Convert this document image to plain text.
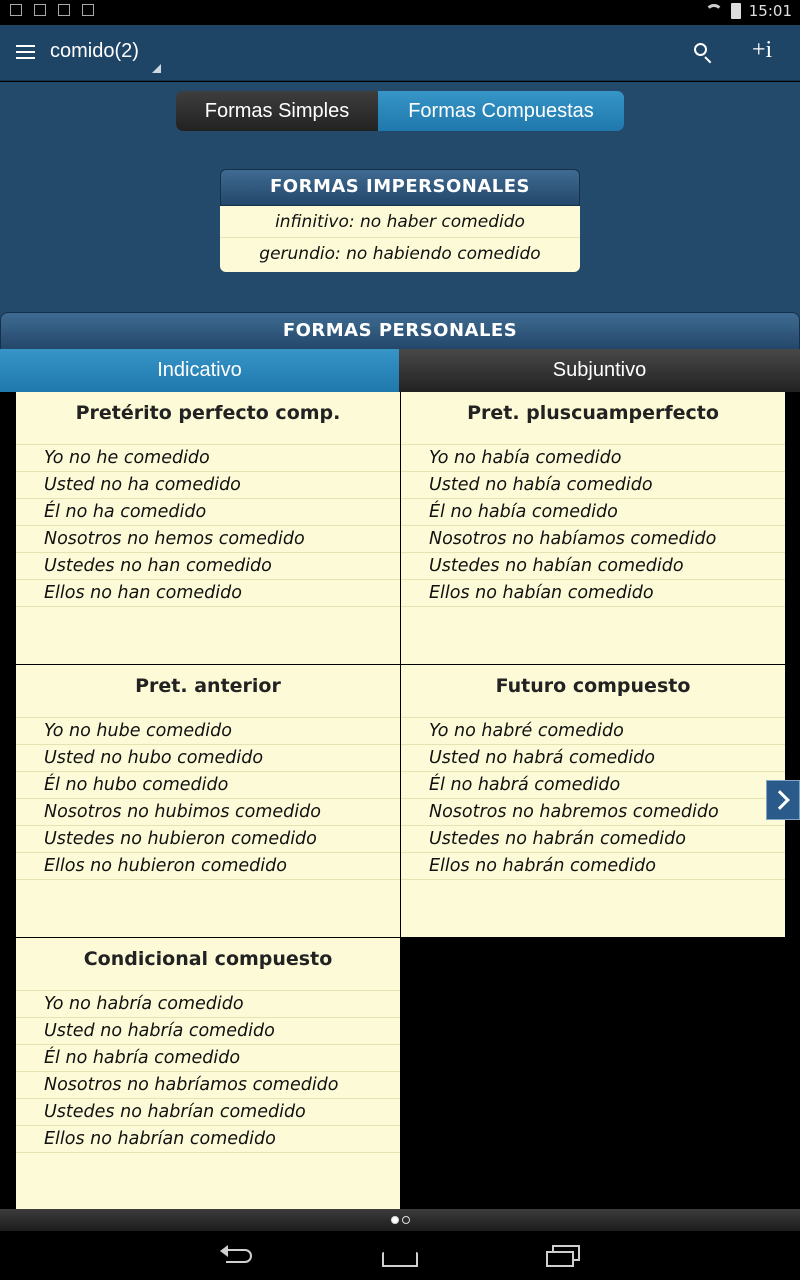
15:01
comido(2)	+i
Formas Simples	Formas Compuestas
FORMAS IMPERSONALES
infinitivo: no haber comedido
gerundio: no habiendo comedido
FORMAS PERSONALES
Indicativo	Subjuntivo
Pretérito perfecto comp.
Yo no he comedido
Usted no ha comedido
Él no ha comedido
Nosotros no hemos comedido
Ustedes no han comedido
Ellos no han comedido
Pret. pluscuamperfecto
Yo no había comedido
Usted no había comedido
Él no había comedido
Nosotros no habíamos comedido
Ustedes no habían comedido
Ellos no habían comedido
Pret. anterior
Yo no hube comedido
Usted no hubo comedido
Él no hubo comedido
Nosotros no hubimos comedido
Ustedes no hubieron comedido
Ellos no hubieron comedido
Futuro compuesto
Yo no habré comedido
Usted no habrá comedido
Él no habrá comedido
Nosotros no habremos comedido
Ustedes no habrán comedido
Ellos no habrán comedido
Condicional compuesto
Yo no habría comedido
Usted no habría comedido
Él no habría comedido
Nosotros no habríamos comedido
Ustedes no habrían comedido
Ellos no habrían comedido
